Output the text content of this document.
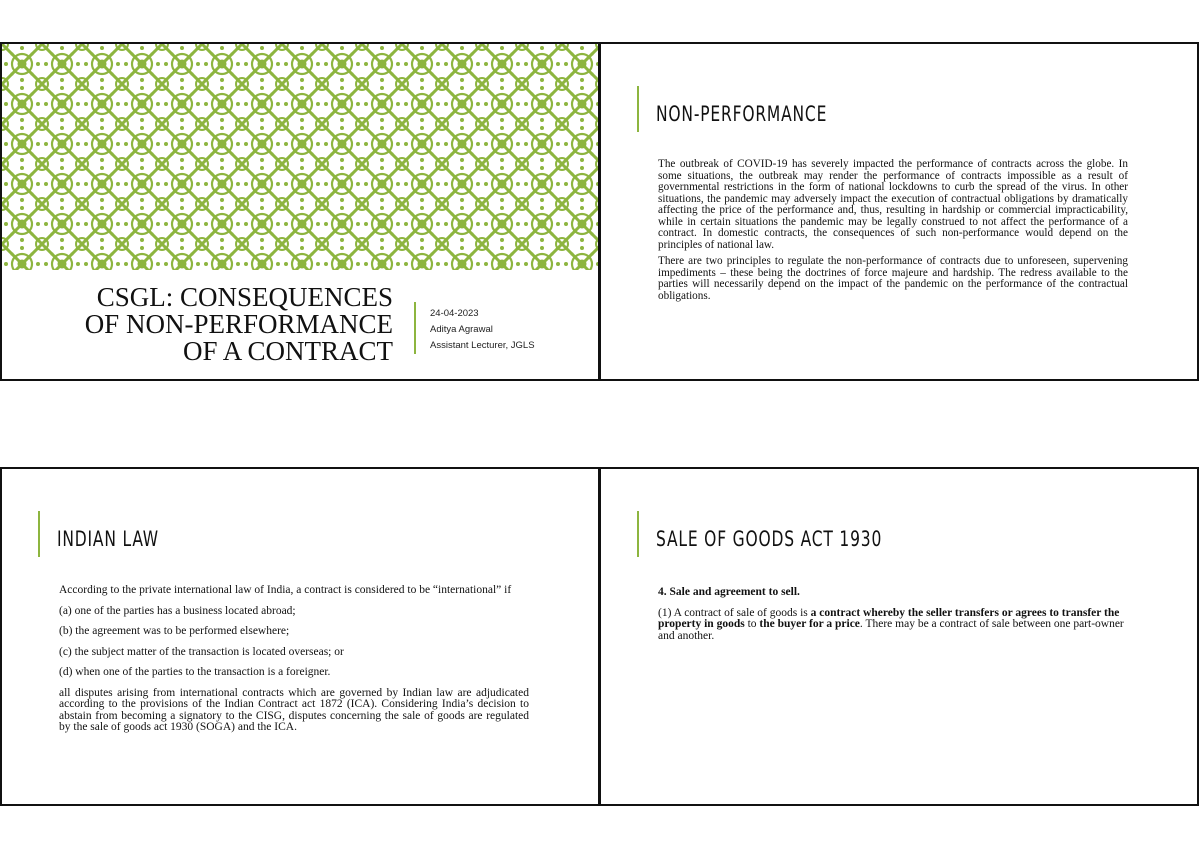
CSGL: CONSEQUENCES
OF NON-PERFORMANCE
OF A CONTRACT
24-04-2023
Aditya Agrawal
Assistant Lecturer, JGLS
NON-PERFORMANCE

The outbreak of COVID-19 has severely impacted the performance of contracts across the globe. In some situations, the outbreak may render the performance of contracts impossible as a result of governmental restrictions in the form of national lockdowns to curb the spread of the virus. In other situations, the pandemic may adversely impact the execution of contractual obligations by dramatically affecting the price of the performance and, thus, resulting in hardship or commercial impracticability, while in certain situations the pandemic may be legally construed to not affect the performance of a contract. In domestic contracts, the consequences of such non-performance would depend on the principles of national law.

There are two principles to regulate the non-performance of contracts due to unforeseen, supervening impediments – these being the doctrines of force majeure and hardship. The redress available to the parties will necessarily depend on the impact of the pandemic on the performance of the contractual obligations.

INDIAN LAW

According to the private international law of India, a contract is considered to be “international” if

(a) one of the parties has a business located abroad;

(b) the agreement was to be performed elsewhere;

(c) the subject matter of the transaction is located overseas; or

(d) when one of the parties to the transaction is a foreigner.

all disputes arising from international contracts which are governed by Indian law are adjudicated according to the provisions of the Indian Contract act 1872 (ICA). Considering India’s decision to abstain from becoming a signatory to the CISG, disputes concerning the sale of goods are regulated by the sale of goods act 1930 (SOGA) and the ICA.

SALE OF GOODS ACT 1930

4. Sale and agreement to sell.

(1) A contract of sale of goods is a contract whereby the seller transfers or agrees to transfer the property in goods to the buyer for a price. There may be a contract of sale between one part-owner and another.
